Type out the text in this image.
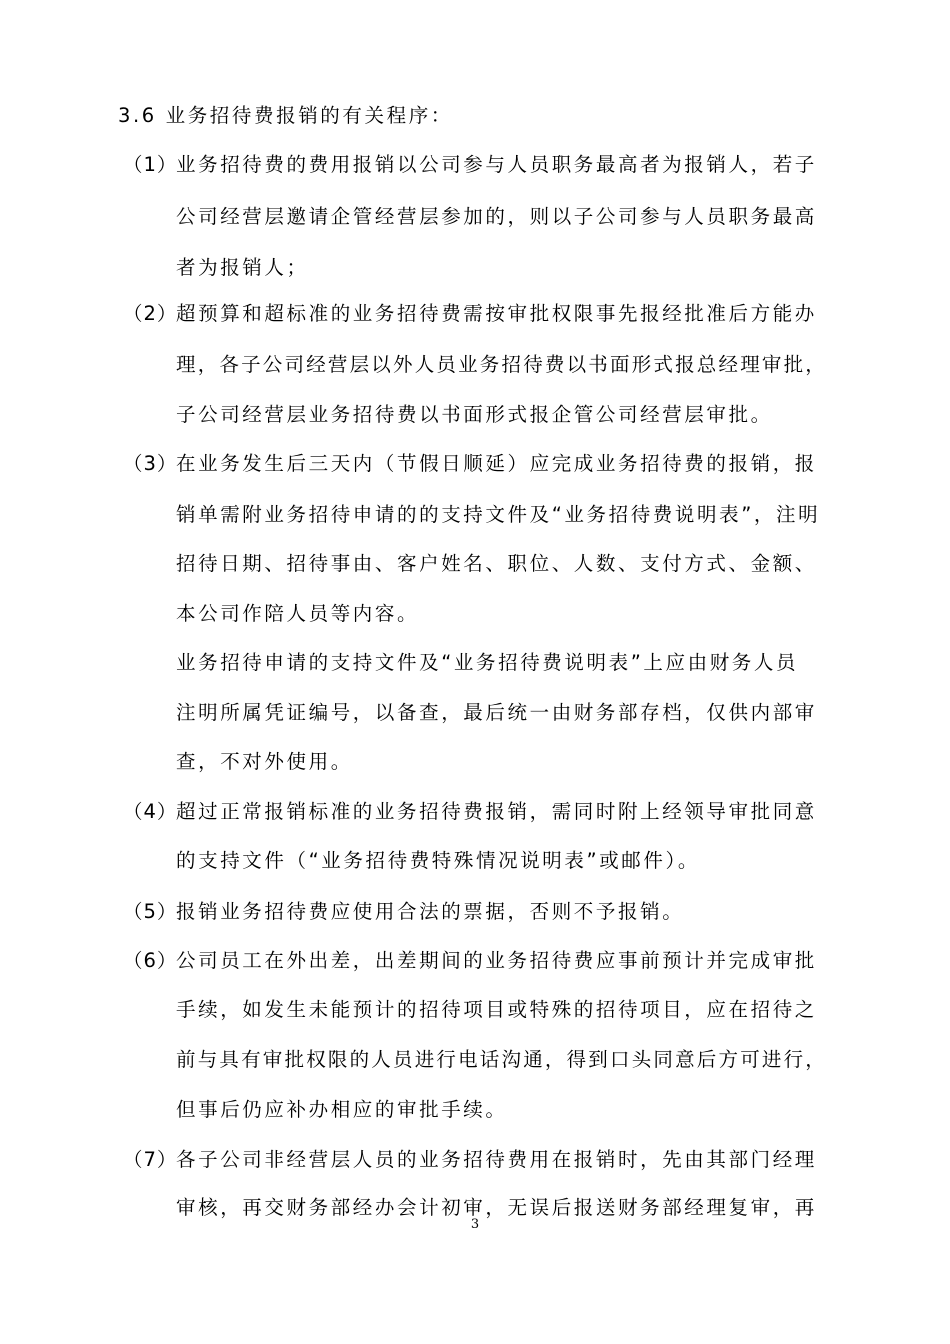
3.6 业务招待费报销的有关程序：
（1）
业务招待费的费用报销以公司参与人员职务最高者为报销人，若子
公司经营层邀请企管经营层参加的，则以子公司参与人员职务最高
者为报销人；
（2）
超预算和超标准的业务招待费需按审批权限事先报经批准后方能办
理，各子公司经营层以外人员业务招待费以书面形式报总经理审批，
子公司经营层业务招待费以书面形式报企管公司经营层审批。
（3）
在业务发生后三天内（节假日顺延）应完成业务招待费的报销，报
销单需附业务招待申请的的支持文件及“业务招待费说明表”，注明
招待日期、招待事由、客户姓名、职位、人数、支付方式、金额、
本公司作陪人员等内容。
业务招待申请的支持文件及“业务招待费说明表”上应由财务人员
注明所属凭证编号，以备查，最后统一由财务部存档，仅供内部审
查，不对外使用。
（4）
超过正常报销标准的业务招待费报销，需同时附上经领导审批同意
的支持文件（“业务招待费特殊情况说明表”或邮件）。
（5）
报销业务招待费应使用合法的票据，否则不予报销。
（6）
公司员工在外出差，出差期间的业务招待费应事前预计并完成审批
手续，如发生未能预计的招待项目或特殊的招待项目，应在招待之
前与具有审批权限的人员进行电话沟通，得到口头同意后方可进行，
但事后仍应补办相应的审批手续。
（7）
各子公司非经营层人员的业务招待费用在报销时，先由其部门经理
审核，再交财务部经办会计初审，无误后报送财务部经理复审，再
3
